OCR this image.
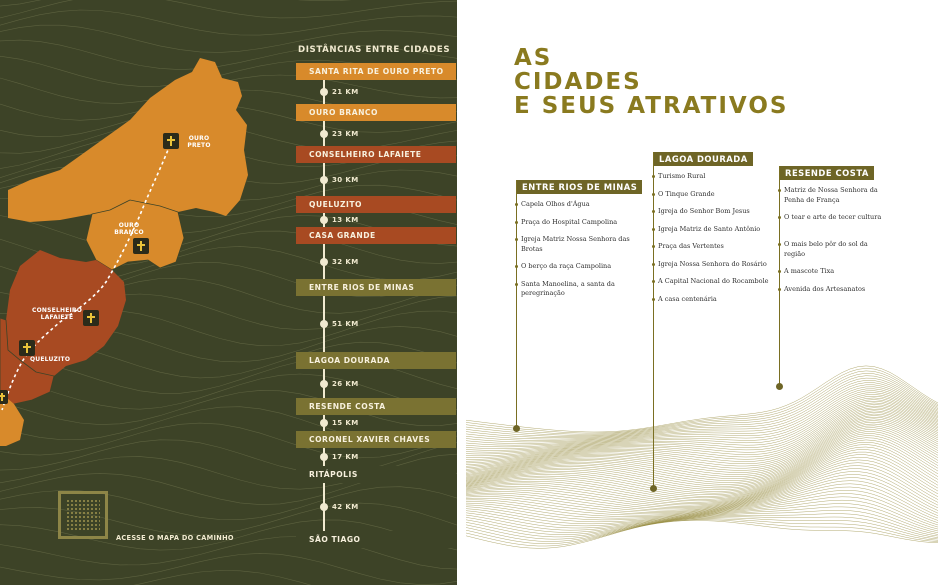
OURO PRETO
OURO BRANCO
CONSELHEIRO LAFAIETE
QUELUZITO
DISTÂNCIAS ENTRE CIDADES
21 KM
23 KM
30 KM
13 KM
32 KM
51 KM
26 KM
15 KM
17 KM
42 KM
SANTA RITA DE OURO PRETO
OURO BRANCO
CONSELHEIRO LAFAIETE
QUELUZITO
CASA GRANDE
ENTRE RIOS DE MINAS
LAGOA DOURADA
RESENDE COSTA
CORONEL XAVIER CHAVES
RITÁPOLIS
SÃO TIAGO
ACESSE O MAPA DO CAMINHO
AS
CIDADES
E SEUS ATRATIVOS
ENTRE RIOS DE MINAS
Capela Olhos d'Água
Praça do Hospital Campolina
Igreja Matriz Nossa Senhora das Brotas
O berço da raça Campolina
Santa Manoelina, a santa da peregrinação
LAGOA DOURADA
Turismo Rural
O Tinque Grande
Igreja do Senhor Bom Jesus
Igreja Matriz de Santo Antônio
Praça das Vertentes
Igreja Nossa Senhora do Rosário
A Capital Nacional do Rocambole
A casa centenária
RESENDE COSTA
Matriz de Nossa Senhora da Penha de França
O tear e arte de tecer cultura
O mais belo pôr do sol da região
A mascote Tixa
Avenida dos Artesanatos
